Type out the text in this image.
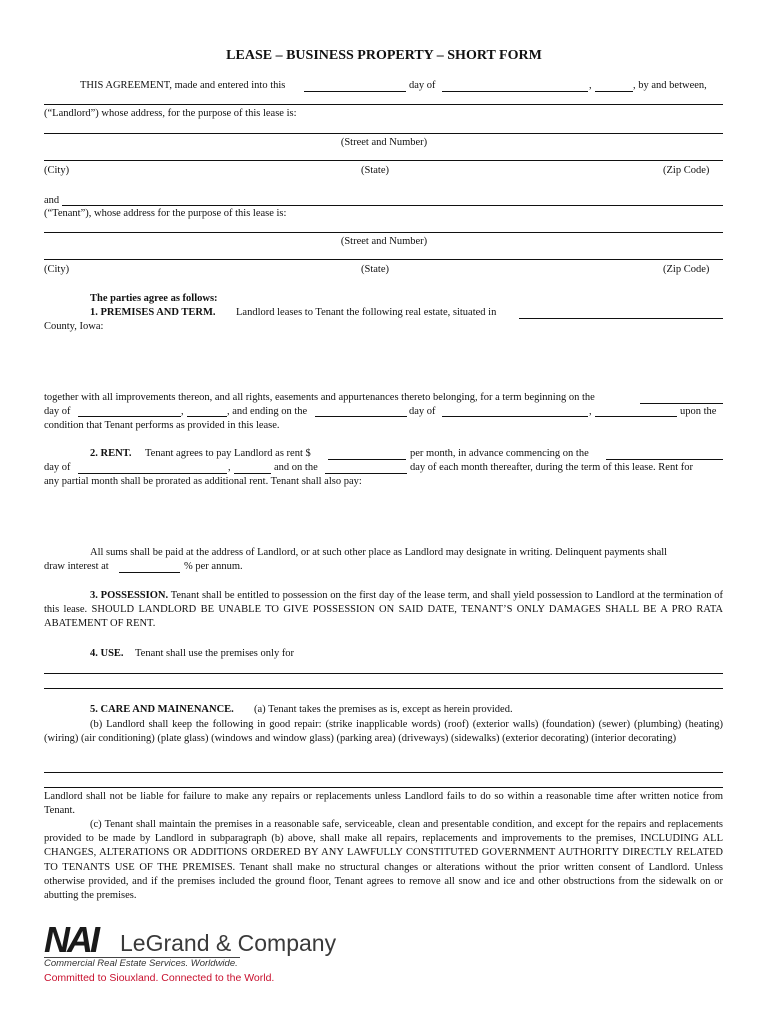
LEASE – BUSINESS PROPERTY – SHORT FORM
THIS AGREEMENT, made and entered into this	day of	,	, by and between,
(“Landlord”) whose address, for the purpose of this lease is:
(Street and Number)
(City)	(State)	(Zip Code)
and
(“Tenant”), whose address for the purpose of this lease is:
(Street and Number)
(City)	(State)	(Zip Code)
The parties agree as follows:
1. PREMISES AND TERM. Landlord leases to Tenant the following real estate, situated in
County, Iowa:
together with all improvements thereon, and all rights, easements and appurtenances thereto belonging, for a term beginning on the
day of	,	, and ending on the	day of	,	upon the
condition that Tenant performs as provided in this lease.
2. RENT. Tenant agrees to pay Landlord as rent $	per month, in advance commencing on the
day of	,	and on the	day of each month thereafter, during the term of this lease. Rent for
any partial month shall be prorated as additional rent. Tenant shall also pay:
All sums shall be paid at the address of Landlord, or at such other place as Landlord may designate in writing. Delinquent payments shall
draw interest at	% per annum.
3. POSSESSION. Tenant shall be entitled to possession on the first day of the lease term, and shall yield possession to Landlord at the termination of this lease. SHOULD LANDLORD BE UNABLE TO GIVE POSSESSION ON SAID DATE, TENANT’S ONLY DAMAGES SHALL BE A PRO RATA ABATEMENT OF RENT.
4. USE. Tenant shall use the premises only for
5. CARE AND MAINENANCE. (a) Tenant takes the premises as is, except as herein provided.
(b) Landlord shall keep the following in good repair: (strike inapplicable words) (roof) (exterior walls) (foundation) (sewer) (plumbing) (heating) (wiring) (air conditioning) (plate glass) (windows and window glass) (parking area) (driveways) (sidewalks) (exterior decorating) (interior decorating)
Landlord shall not be liable for failure to make any repairs or replacements unless Landlord fails to do so within a reasonable time after written notice from Tenant.
(c) Tenant shall maintain the premises in a reasonable safe, serviceable, clean and presentable condition, and except for the repairs and replacements provided to be made by Landlord in subparagraph (b) above, shall make all repairs, replacements and improvements to the premises, INCLUDING ALL CHANGES, ALTERATIONS OR ADDITIONS ORDERED BY ANY LAWFULLY CONSTITUTED GOVERNMENT AUTHORITY DIRECTLY RELATED TO TENANTS USE OF THE PREMISES. Tenant shall make no structural changes or alterations without the prior written consent of Landlord. Unless otherwise provided, and if the premises included the ground floor, Tenant agrees to remove all snow and ice and other obstructions from the sidewalk on or abutting the premises.
NAI LeGrand & Company
Commercial Real Estate Services. Worldwide.
Committed to Siouxland. Connected to the World.
